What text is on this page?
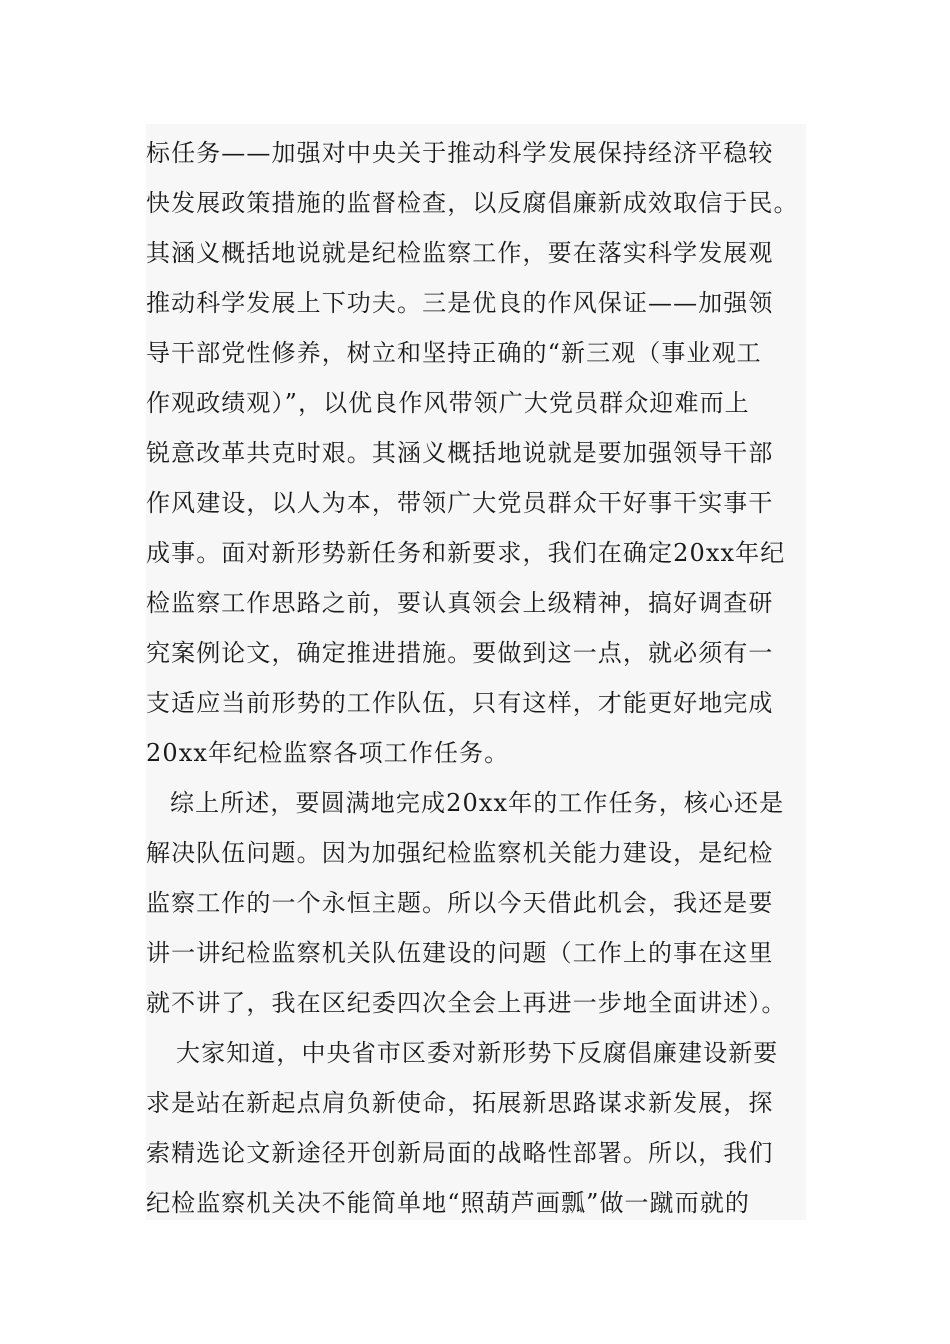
标任务——加强对中央关于推动科学发展保持经济平稳较
快发展政策措施的监督检查，以反腐倡廉新成效取信于民。
其涵义概括地说就是纪检监察工作，要在落实科学发展观
推动科学发展上下功夫。三是优良的作风保证——加强领
导干部党性修养，树立和坚持正确的“新三观（事业观工
作观政绩观）”，以优良作风带领广大党员群众迎难而上
锐意改革共克时艰。其涵义概括地说就是要加强领导干部
作风建设，以人为本，带领广大党员群众干好事干实事干
成事。面对新形势新任务和新要求，我们在确定20xx年纪
检监察工作思路之前，要认真领会上级精神，搞好调查研
究案例论文，确定推进措施。要做到这一点，就必须有一
支适应当前形势的工作队伍，只有这样，才能更好地完成
20xx年纪检监察各项工作任务。
综上所述，要圆满地完成20xx年的工作任务，核心还是
解决队伍问题。因为加强纪检监察机关能力建设，是纪检
监察工作的一个永恒主题。所以今天借此机会，我还是要
讲一讲纪检监察机关队伍建设的问题（工作上的事在这里
就不讲了，我在区纪委四次全会上再进一步地全面讲述）。
大家知道，中央省市区委对新形势下反腐倡廉建设新要
求是站在新起点肩负新使命，拓展新思路谋求新发展，探
索精选论文新途径开创新局面的战略性部署。所以，我们
纪检监察机关决不能简单地“照葫芦画瓢”做一蹴而就的
